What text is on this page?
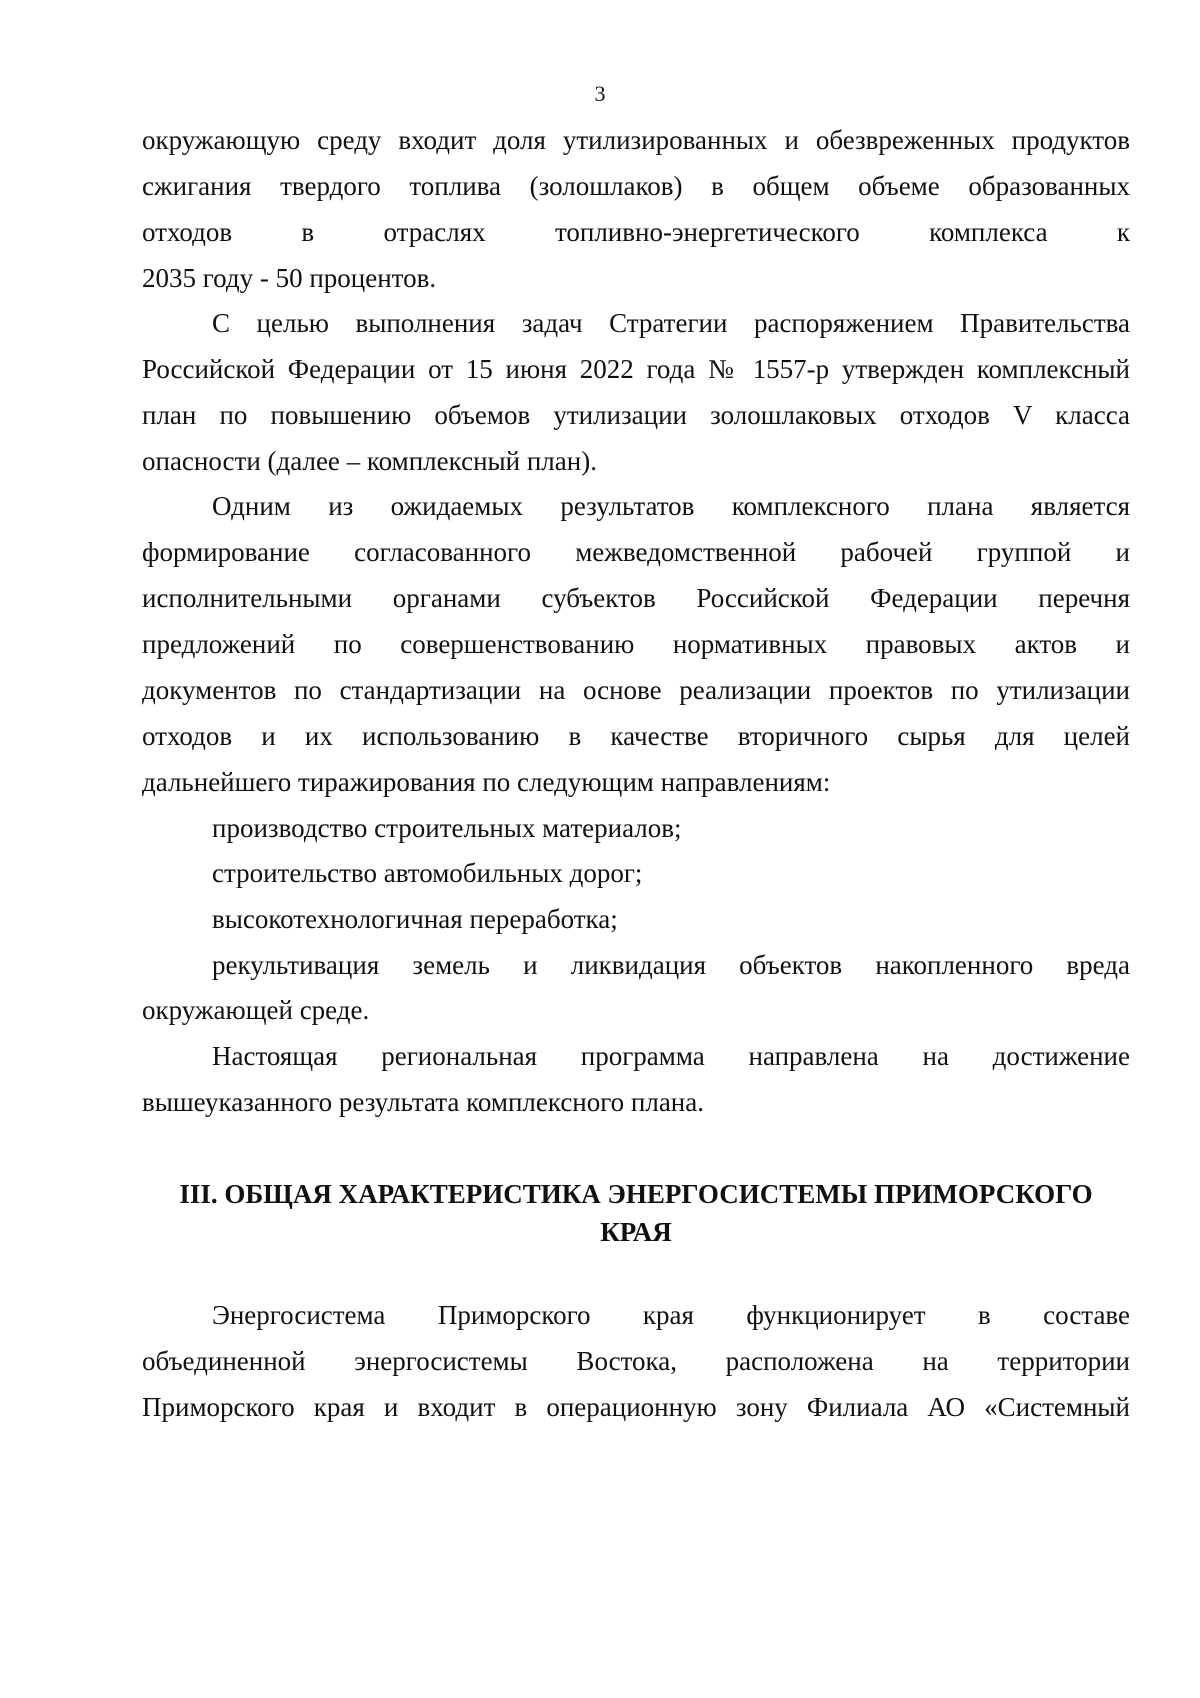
3
окружающую среду входит доля утилизированных и обезвреженных продуктов
сжигания твердого топлива (золошлаков) в общем объеме образованных
отходов в отраслях топливно-энергетического комплекса к
2035 году - 50 процентов.
С целью выполнения задач Стратегии распоряжением Правительства
Российской Федерации от 15 июня 2022 года № 1557-р утвержден комплексный
план по повышению объемов утилизации золошлаковых отходов V класса
опасности (далее – комплексный план).
Одним из ожидаемых результатов комплексного плана является
формирование согласованного межведомственной рабочей группой и
исполнительными органами субъектов Российской Федерации перечня
предложений по совершенствованию нормативных правовых актов и
документов по стандартизации на основе реализации проектов по утилизации
отходов и их использованию в качестве вторичного сырья для целей
дальнейшего тиражирования по следующим направлениям:
производство строительных материалов;
строительство автомобильных дорог;
высокотехнологичная переработка;
рекультивация земель и ликвидация объектов накопленного вреда
окружающей среде.
Настоящая региональная программа направлена на достижение
вышеуказанного результата комплексного плана.
III. ОБЩАЯ ХАРАКТЕРИСТИКА ЭНЕРГОСИСТЕМЫ ПРИМОРСКОГО
КРАЯ
Энергосистема Приморского края функционирует в составе
объединенной энергосистемы Востока, расположена на территории
Приморского края и входит в операционную зону Филиала АО «Системный
